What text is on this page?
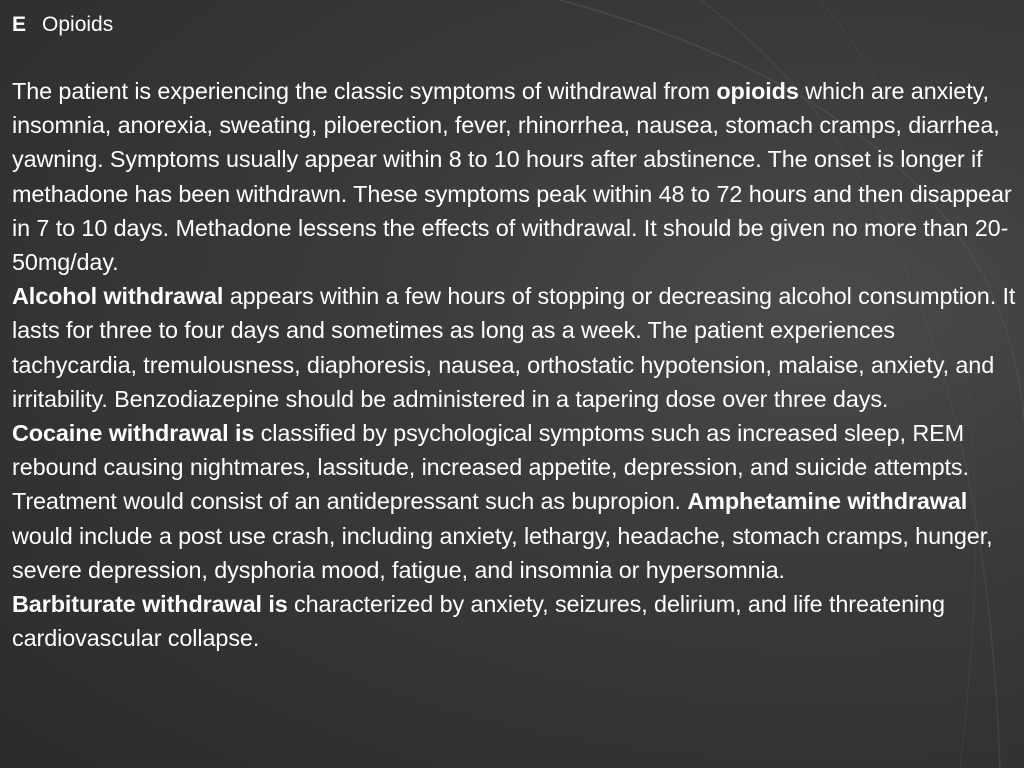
E Opioids

The patient is experiencing the classic symptoms of withdrawal from opioids which are anxiety, insomnia, anorexia, sweating, piloerection, fever, rhinorrhea, nausea, stomach cramps, diarrhea, yawning. Symptoms usually appear within 8 to 10 hours after abstinence. The onset is longer if methadone has been withdrawn. These symptoms peak within 48 to 72 hours and then disappear in 7 to 10 days. Methadone lessens the effects of withdrawal. It should be given no more than 20-50mg/day.

Alcohol withdrawal appears within a few hours of stopping or decreasing alcohol consumption. It lasts for three to four days and sometimes as long as a week. The patient experiences tachycardia, tremulousness, diaphoresis, nausea, orthostatic hypotension, malaise, anxiety, and irritability. Benzodiazepine should be administered in a tapering dose over three days.

Cocaine withdrawal is classified by psychological symptoms such as increased sleep, REM rebound causing nightmares, lassitude, increased appetite, depression, and suicide attempts. Treatment would consist of an antidepressant such as bupropion. Amphetamine withdrawal would include a post use crash, including anxiety, lethargy, headache, stomach cramps, hunger, severe depression, dysphoria mood, fatigue, and insomnia or hypersomnia.

Barbiturate withdrawal is characterized by anxiety, seizures, delirium, and life threatening cardiovascular collapse.
